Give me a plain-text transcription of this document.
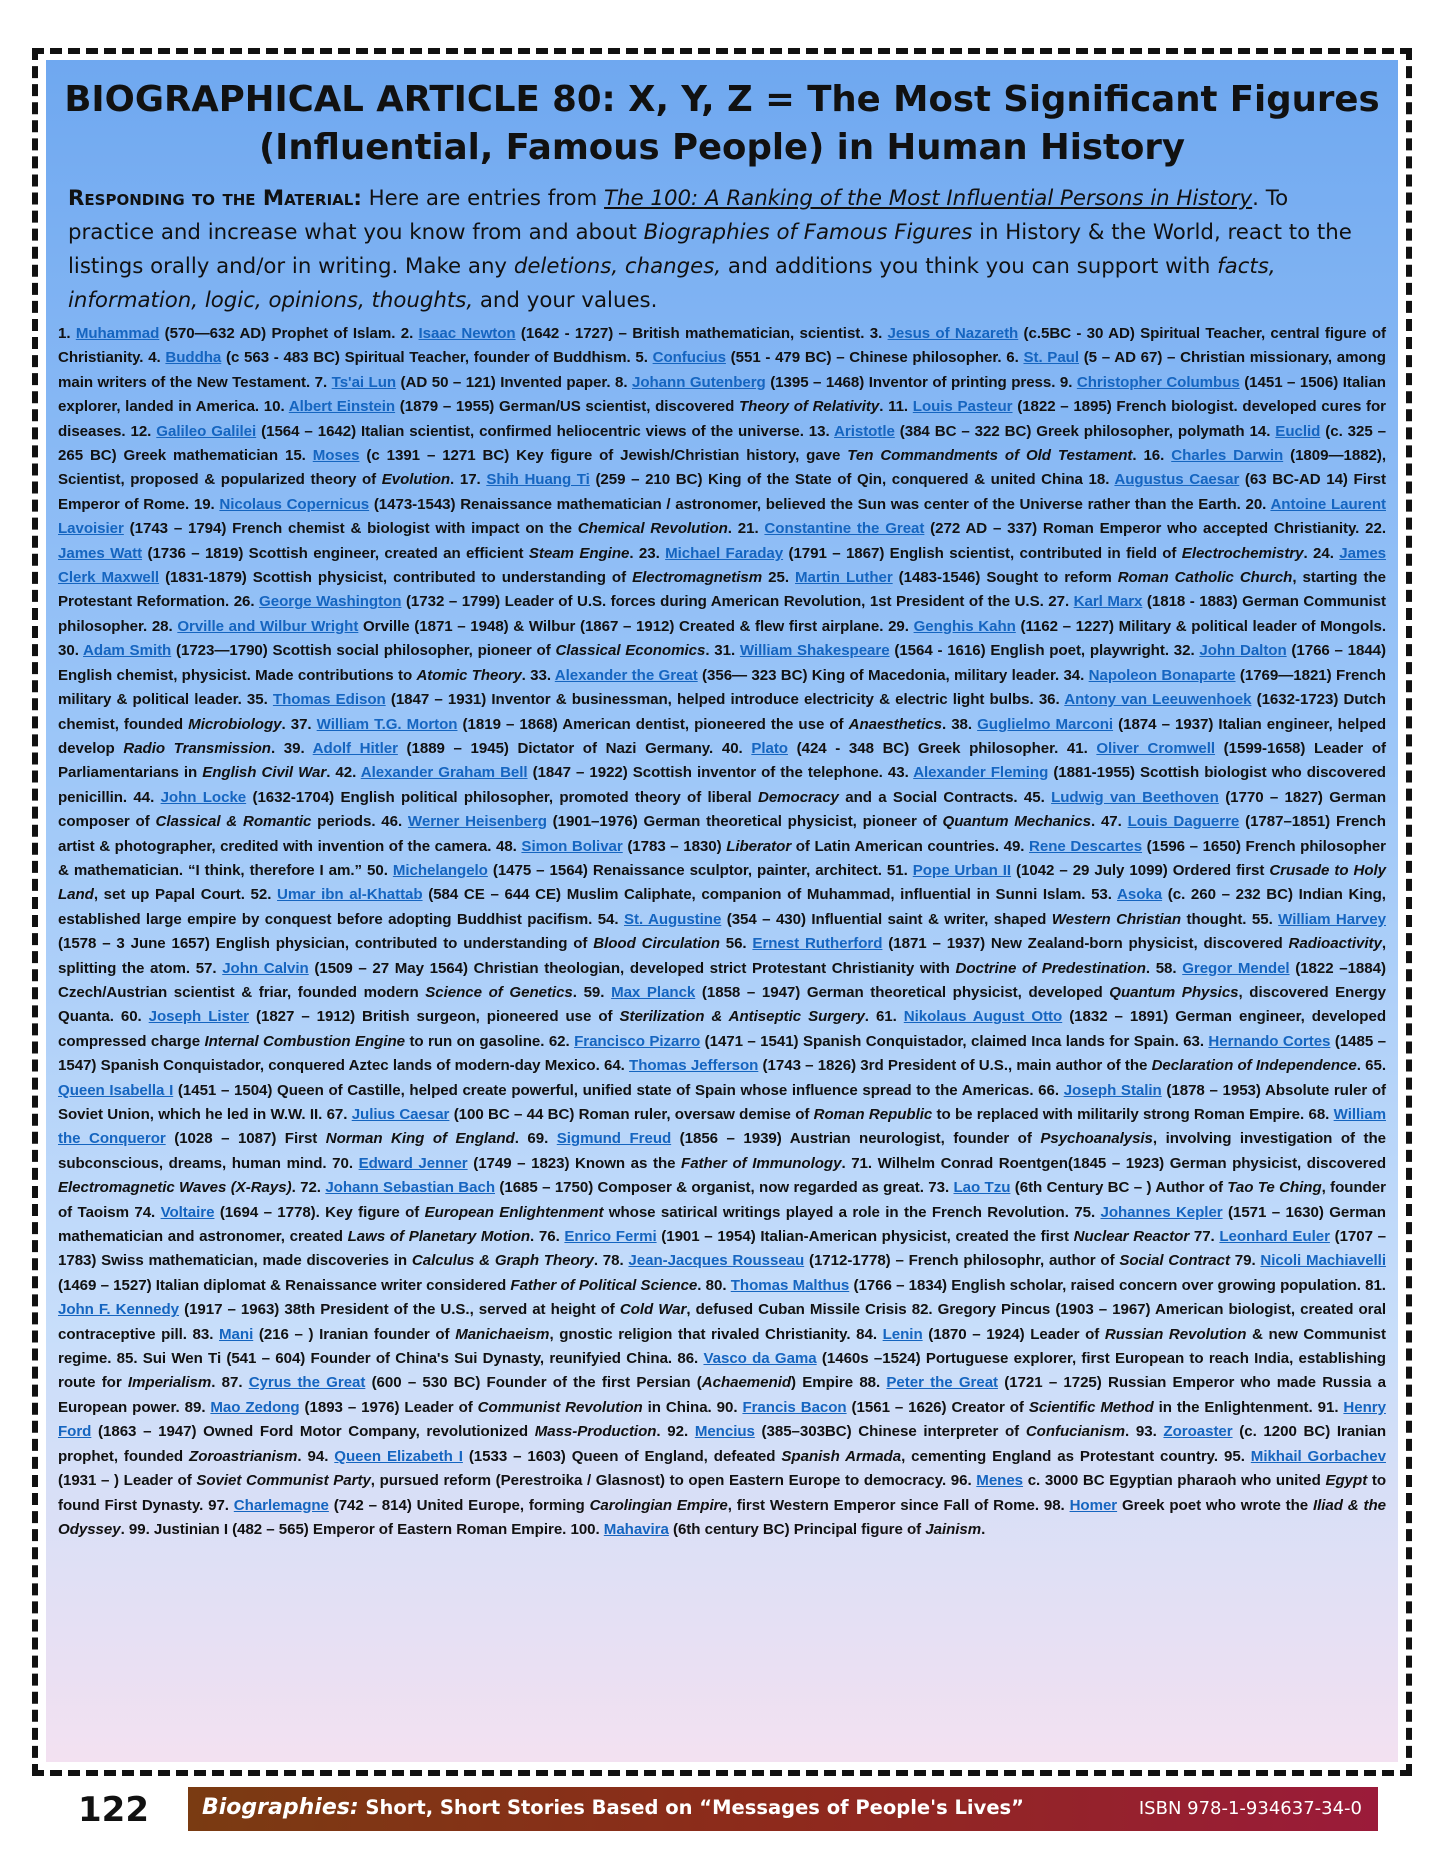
BIOGRAPHICAL ARTICLE 80: X, Y, Z = The Most Significant Figures
(Influential, Famous People) in Human History
Responding to the Material: Here are entries from The 100: A Ranking of the Most Influential Persons in History. To practice and increase what you know from and about Biographies of Famous Figures in History & the World, react to the listings orally and/or in writing. Make any deletions, changes, and additions you think you can support with facts, information, logic, opinions, thoughts, and your values.
1. Muhammad (570—632 AD) Prophet of Islam. 2. Isaac Newton (1642 - 1727) – British mathematician, scientist. 3. Jesus of Nazareth (c.5BC - 30 AD) Spiritual Teacher, central figure of Christianity. 4. Buddha (c 563 - 483 BC) Spiritual Teacher, founder of Buddhism. 5. Confucius (551 - 479 BC) – Chinese philosopher. 6. St. Paul (5 – AD 67) – Christian missionary, among main writers of the New Testament. 7. Ts'ai Lun (AD 50 – 121) Invented paper. 8. Johann Gutenberg (1395 – 1468) Inventor of printing press. 9. Christopher Columbus (1451 – 1506) Italian explorer, landed in America. 10. Albert Einstein (1879 – 1955) German/US scientist, discovered Theory of Relativity. 11. Louis Pasteur (1822 – 1895) French biologist. developed cures for diseases. 12. Galileo Galilei (1564 – 1642) Italian scientist, confirmed heliocentric views of the universe. 13. Aristotle (384 BC – 322 BC) Greek philosopher, polymath 14. Euclid (c. 325 – 265 BC) Greek mathematician 15. Moses (c 1391 – 1271 BC) Key figure of Jewish/Christian history, gave Ten Commandments of Old Testament. 16. Charles Darwin (1809—1882), Scientist, proposed & popularized theory of Evolution. 17. Shih Huang Ti (259 – 210 BC) King of the State of Qin, conquered & united China 18. Augustus Caesar (63 BC-AD 14) First Emperor of Rome. 19. Nicolaus Copernicus (1473-1543) Renaissance mathematician / astronomer, believed the Sun was center of the Universe rather than the Earth. 20. Antoine Laurent Lavoisier (1743 – 1794) French chemist & biologist with impact on the Chemical Revolution. 21. Constantine the Great (272 AD – 337) Roman Emperor who accepted Christianity. 22. James Watt (1736 – 1819) Scottish engineer, created an efficient Steam Engine. 23. Michael Faraday (1791 – 1867) English scientist, contributed in field of Electrochemistry. 24. James Clerk Maxwell (1831-1879) Scottish physicist, contributed to understanding of Electromagnetism 25. Martin Luther (1483-1546) Sought to reform Roman Catholic Church, starting the Protestant Reformation. 26. George Washington (1732 – 1799) Leader of U.S. forces during American Revolution, 1st President of the U.S. 27. Karl Marx (1818 - 1883) German Communist philosopher. 28. Orville and Wilbur Wright Orville (1871 – 1948) & Wilbur (1867 – 1912) Created & flew first airplane. 29. Genghis Kahn (1162 – 1227) Military & political leader of Mongols. 30. Adam Smith (1723—1790) Scottish social philosopher, pioneer of Classical Economics. 31. William Shakespeare (1564 - 1616) English poet, playwright. 32. John Dalton (1766 – 1844) English chemist, physicist. Made contributions to Atomic Theory. 33. Alexander the Great (356— 323 BC) King of Macedonia, military leader. 34. Napoleon Bonaparte (1769—1821) French military & political leader. 35. Thomas Edison (1847 – 1931) Inventor & businessman, helped introduce electricity & electric light bulbs. 36. Antony van Leeuwenhoek (1632-1723) Dutch chemist, founded Microbiology. 37. William T.G. Morton (1819 – 1868) American dentist, pioneered the use of Anaesthetics. 38. Guglielmo Marconi (1874 – 1937) Italian engineer, helped develop Radio Transmission. 39. Adolf Hitler (1889 – 1945) Dictator of Nazi Germany. 40. Plato (424 - 348 BC) Greek philosopher. 41. Oliver Cromwell (1599-1658) Leader of Parliamentarians in English Civil War. 42. Alexander Graham Bell (1847 – 1922) Scottish inventor of the telephone. 43. Alexander Fleming (1881-1955) Scottish biologist who discovered penicillin. 44. John Locke (1632-1704) English political philosopher, promoted theory of liberal Democracy and a Social Contracts. 45. Ludwig van Beethoven (1770 – 1827) German composer of Classical & Romantic periods. 46. Werner Heisenberg (1901–1976) German theoretical physicist, pioneer of Quantum Mechanics. 47. Louis Daguerre (1787–1851) French artist & photographer, credited with invention of the camera. 48. Simon Bolivar (1783 – 1830) Liberator of Latin American countries. 49. Rene Descartes (1596 – 1650) French philosopher & mathematician. “I think, therefore I am.” 50. Michelangelo (1475 – 1564) Renaissance sculptor, painter, architect. 51. Pope Urban II (1042 – 29 July 1099) Ordered first Crusade to Holy Land, set up Papal Court. 52. Umar ibn al-Khattab (584 CE – 644 CE) Muslim Caliphate, companion of Muhammad, influential in Sunni Islam. 53. Asoka (c. 260 – 232 BC) Indian King, established large empire by conquest before adopting Buddhist pacifism. 54. St. Augustine (354 – 430) Influential saint & writer, shaped Western Christian thought. 55. William Harvey (1578 – 3 June 1657) English physician, contributed to understanding of Blood Circulation 56. Ernest Rutherford (1871 – 1937) New Zealand-born physicist, discovered Radioactivity, splitting the atom. 57. John Calvin (1509 – 27 May 1564) Christian theologian, developed strict Protestant Christianity with Doctrine of Predestination. 58. Gregor Mendel (1822 –1884) Czech/Austrian scientist & friar, founded modern Science of Genetics. 59. Max Planck (1858 – 1947) German theoretical physicist, developed Quantum Physics, discovered Energy Quanta. 60. Joseph Lister (1827 – 1912) British surgeon, pioneered use of Sterilization & Antiseptic Surgery. 61. Nikolaus August Otto (1832 – 1891) German engineer, developed compressed charge Internal Combustion Engine to run on gasoline. 62. Francisco Pizarro (1471 – 1541) Spanish Conquistador, claimed Inca lands for Spain. 63. Hernando Cortes (1485 – 1547) Spanish Conquistador, conquered Aztec lands of modern-day Mexico. 64. Thomas Jefferson (1743 – 1826) 3rd President of U.S., main author of the Declaration of Independence. 65. Queen Isabella I (1451 – 1504) Queen of Castille, helped create powerful, unified state of Spain whose influence spread to the Americas. 66. Joseph Stalin (1878 – 1953) Absolute ruler of Soviet Union, which he led in W.W. II. 67. Julius Caesar (100 BC – 44 BC) Roman ruler, oversaw demise of Roman Republic to be replaced with militarily strong Roman Empire. 68. William the Conqueror (1028 – 1087) First Norman King of England. 69. Sigmund Freud (1856 – 1939) Austrian neurologist, founder of Psychoanalysis, involving investigation of the subconscious, dreams, human mind. 70. Edward Jenner (1749 – 1823) Known as the Father of Immunology. 71. Wilhelm Conrad Roentgen(1845 – 1923) German physicist, discovered Electromagnetic Waves (X-Rays). 72. Johann Sebastian Bach (1685 – 1750) Composer & organist, now regarded as great. 73. Lao Tzu (6th Century BC – ) Author of Tao Te Ching, founder of Taoism 74. Voltaire (1694 – 1778). Key figure of European Enlightenment whose satirical writings played a role in the French Revolution. 75. Johannes Kepler (1571 – 1630) German mathematician and astronomer, created Laws of Planetary Motion. 76. Enrico Fermi (1901 – 1954) Italian-American physicist, created the first Nuclear Reactor 77. Leonhard Euler (1707 – 1783) Swiss mathematician, made discoveries in Calculus & Graph Theory. 78. Jean-Jacques Rousseau (1712-1778) – French philosophr, author of Social Contract 79. Nicoli Machiavelli (1469 – 1527) Italian diplomat & Renaissance writer considered Father of Political Science. 80. Thomas Malthus (1766 – 1834) English scholar, raised concern over growing population. 81. John F. Kennedy (1917 – 1963) 38th President of the U.S., served at height of Cold War, defused Cuban Missile Crisis 82. Gregory Pincus (1903 – 1967) American biologist, created oral contraceptive pill. 83. Mani (216 – ) Iranian founder of Manichaeism, gnostic religion that rivaled Christianity. 84. Lenin (1870 – 1924) Leader of Russian Revolution & new Communist regime. 85. Sui Wen Ti (541 – 604) Founder of China's Sui Dynasty, reunifyied China. 86. Vasco da Gama (1460s –1524) Portuguese explorer, first European to reach India, establishing route for Imperialism. 87. Cyrus the Great (600 – 530 BC) Founder of the first Persian (Achaemenid) Empire 88. Peter the Great (1721 – 1725) Russian Emperor who made Russia a European power. 89. Mao Zedong (1893 – 1976) Leader of Communist Revolution in China. 90. Francis Bacon (1561 – 1626) Creator of Scientific Method in the Enlightenment. 91. Henry Ford (1863 – 1947) Owned Ford Motor Company, revolutionized Mass-Production. 92. Mencius (385–303BC) Chinese interpreter of Confucianism. 93. Zoroaster (c. 1200 BC) Iranian prophet, founded Zoroastrianism. 94. Queen Elizabeth I (1533 – 1603) Queen of England, defeated Spanish Armada, cementing England as Protestant country. 95. Mikhail Gorbachev (1931 – ) Leader of Soviet Communist Party, pursued reform (Perestroika / Glasnost) to open Eastern Europe to democracy. 96. Menes c. 3000 BC Egyptian pharaoh who united Egypt to found First Dynasty. 97. Charlemagne (742 – 814) United Europe, forming Carolingian Empire, first Western Emperor since Fall of Rome. 98. Homer Greek poet who wrote the Iliad & the Odyssey. 99. Justinian I (482 – 565) Emperor of Eastern Roman Empire. 100. Mahavira (6th century BC) Principal figure of Jainism.
122 Biographies: Short, Short Stories Based on “Messages of People's Lives”	ISBN 978-1-934637-34-0
